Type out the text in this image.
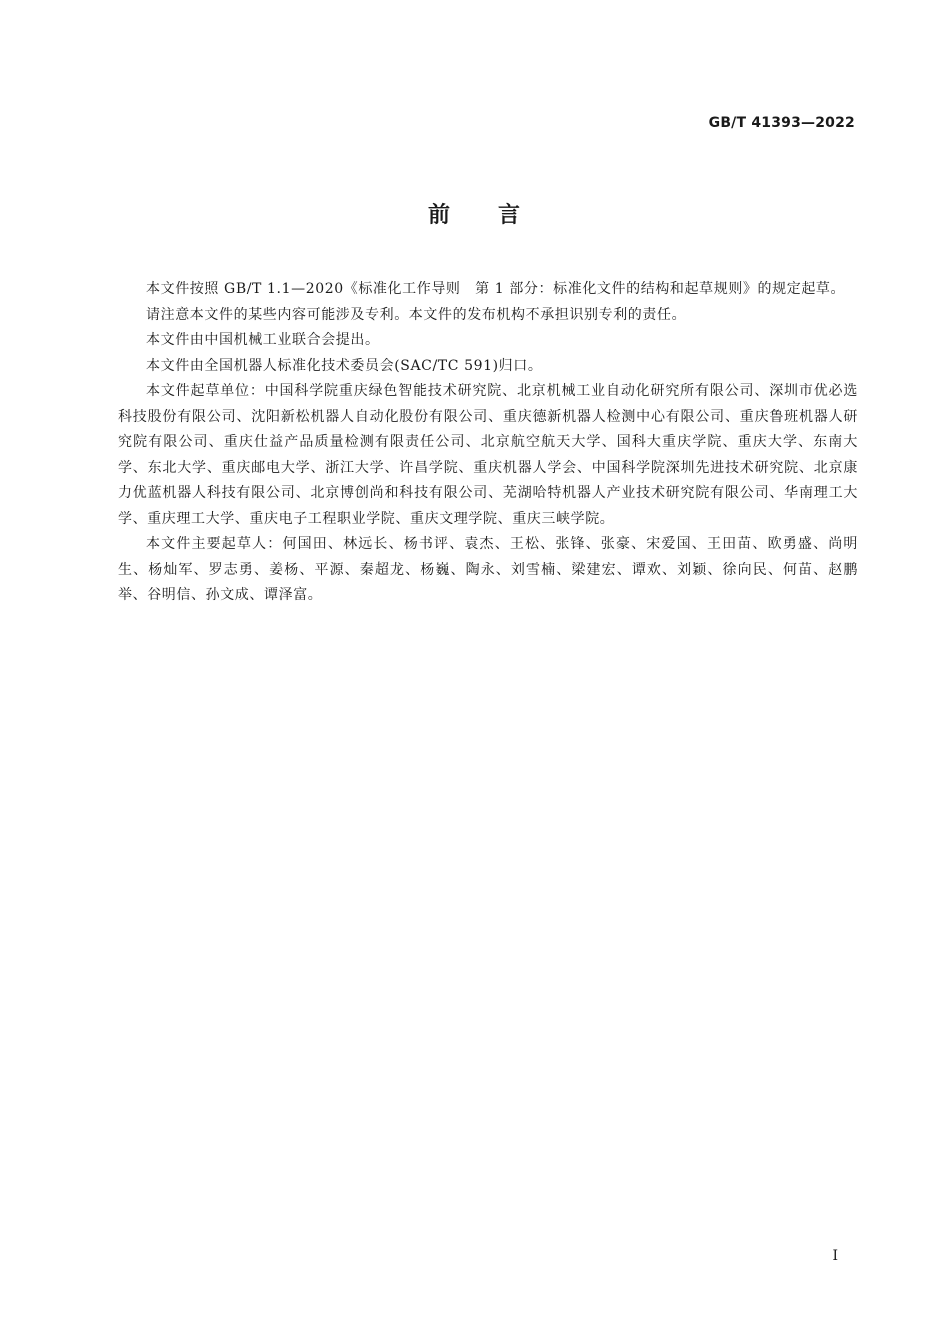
GB/T 41393—2022
前 言

本文件按照 GB/T 1.1—2020《标准化工作导则　第 1 部分：标准化文件的结构和起草规则》的规定起草。

请注意本文件的某些内容可能涉及专利。本文件的发布机构不承担识别专利的责任。

本文件由中国机械工业联合会提出。

本文件由全国机器人标准化技术委员会(SAC/TC 591)归口。

本文件起草单位：中国科学院重庆绿色智能技术研究院、北京机械工业自动化研究所有限公司、深圳市优必选科技股份有限公司、沈阳新松机器人自动化股份有限公司、重庆德新机器人检测中心有限公司、重庆鲁班机器人研究院有限公司、重庆仕益产品质量检测有限责任公司、北京航空航天大学、国科大重庆学院、重庆大学、东南大学、东北大学、重庆邮电大学、浙江大学、许昌学院、重庆机器人学会、中国科学院深圳先进技术研究院、北京康力优蓝机器人科技有限公司、北京博创尚和科技有限公司、芜湖哈特机器人产业技术研究院有限公司、华南理工大学、重庆理工大学、重庆电子工程职业学院、重庆文理学院、重庆三峡学院。

本文件主要起草人：何国田、林远长、杨书评、袁杰、王松、张锋、张豪、宋爱国、王田苗、欧勇盛、尚明生、杨灿军、罗志勇、姜杨、平源、秦超龙、杨巍、陶永、刘雪楠、梁建宏、谭欢、刘颖、徐向民、何苗、赵鹏举、谷明信、孙文成、谭泽富。

I
